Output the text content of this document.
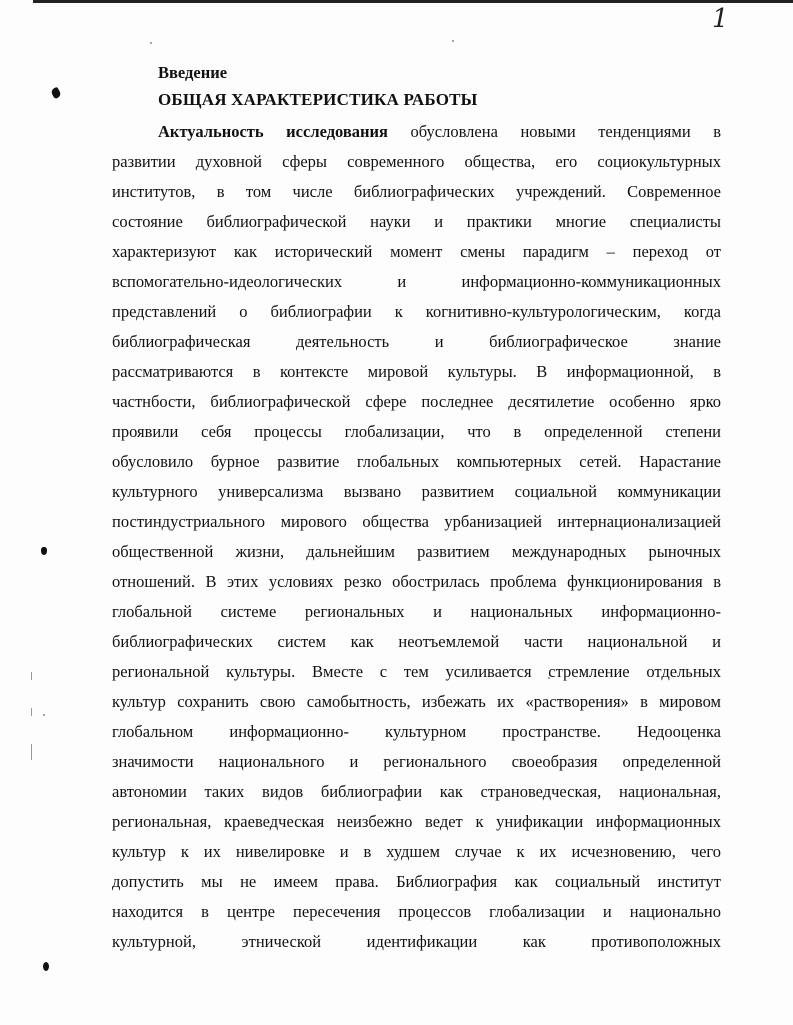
1
Введение
ОБЩАЯ ХАРАКТЕРИСТИКА РАБОТЫ
Актуальность исследования обусловлена новыми тенденциями в
развитии духовной сферы современного общества, его социокультурных
институтов, в том числе библиографических учреждений. Современное
состояние библиографической науки и практики многие специалисты
характеризуют как исторический момент смены парадигм – переход от
вспомогательно-идеологических и информационно-коммуникационных
представлений о библиографии к когнитивно-культурологическим, когда
библиографическая деятельность и библиографическое знание
рассматриваются в контексте мировой культуры. В информационной, в
частнбости, библиографической сфере последнее десятилетие особенно ярко
проявили себя процессы глобализации, что в определенной степени
обусловило бурное развитие глобальных компьютерных сетей. Нарастание
культурного универсализма вызвано развитием социальной коммуникации
постиндустриального мирового общества урбанизацией интернационализацией
общественной жизни, дальнейшим развитием международных рыночных
отношений. В этих условиях резко обострилась проблема функционирования в
глобальной системе региональных и национальных информационно-
библиографических систем как неотъемлемой части национальной и
региональной культуры. Вместе с тем усиливается стремление отдельных
культур сохранить свою самобытность, избежать их «растворения» в мировом
глобальном информационно- культурном пространстве. Недооценка
значимости национального и регионального своеобразия определенной
автономии таких видов библиографии как страноведческая, национальная,
региональная, краеведческая неизбежно ведет к унификации информационных
культур к их нивелировке и в худшем случае к их исчезновению, чего
допустить мы не имеем права. Библиография как социальный институт
находится в центре пересечения процессов глобализации и национально
культурной, этнической идентификации как противоположных
